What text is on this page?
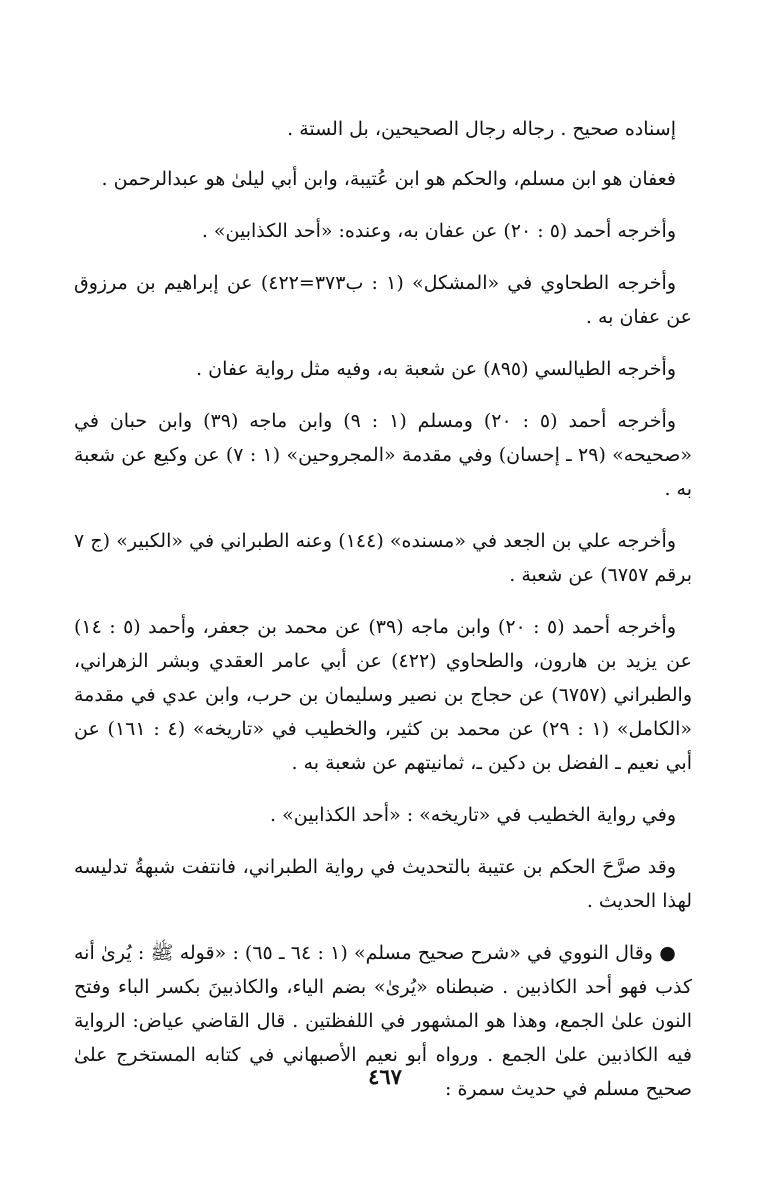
إسناده صحيح . رجاله رجال الصحيحين، بل الستة .

فعفان هو ابن مسلم، والحكم هو ابن عُتيبة، وابن أبي ليلىٰ هو عبدالرحمن .

وأخرجه أحمد (٥ : ٢٠) عن عفان به، وعنده: «أحد الكذابين» .

وأخرجه الطحاوي في «المشكل» (١ : ب٣٧٣=٤٢٢) عن إبراهيم بن مرزوق عن عفان به .

وأخرجه الطيالسي (٨٩٥) عن شعبة به، وفيه مثل رواية عفان .

وأخرجه أحمد (٥ : ٢٠) ومسلم (١ : ٩) وابن ماجه (٣٩) وابن حبان في «صحيحه» (٢٩ ـ إحسان) وفي مقدمة «المجروحين» (١ : ٧) عن وكيع عن شعبة به .

وأخرجه علي بن الجعد في «مسنده» (١٤٤) وعنه الطبراني في «الكبير» (ج ٧ برقم ٦٧٥٧) عن شعبة .

وأخرجه أحمد (٥ : ٢٠) وابن ماجه (٣٩) عن محمد بن جعفر، وأحمد (٥ : ١٤) عن يزيد بن هارون، والطحاوي (٤٢٢) عن أبي عامر العقدي وبشر الزهراني، والطبراني (٦٧٥٧) عن حجاج بن نصير وسليمان بن حرب، وابن عدي في مقدمة «الكامل» (١ : ٢٩) عن محمد بن كثير، والخطيب في «تاريخه» (٤ : ١٦١) عن أبي نعيم ـ الفضل بن دكين ـ، ثمانيتهم عن شعبة به .

وفي رواية الخطيب في «تاريخه» : «أحد الكذابين» .

وقد صرَّحَ الحكم بن عتيبة بالتحديث في رواية الطبراني، فانتفت شبهةُ تدليسه لهذا الحديث .

● وقال النووي في «شرح صحيح مسلم» (١ : ٦٤ ـ ٦٥) : «قوله ﷺ : يُرىٰ أنه كذب فهو أحد الكاذبين . ضبطناه «يُرىٰ» بضم الياء، والكاذبينَ بكسر الباء وفتح النون علىٰ الجمع، وهذا هو المشهور في اللفظتين . قال القاضي عياض: الرواية فيه الكاذبين علىٰ الجمع . ورواه أبو نعيم الأصبهاني في كتابه المستخرج علىٰ صحيح مسلم في حديث سمرة :

٤٦٧
